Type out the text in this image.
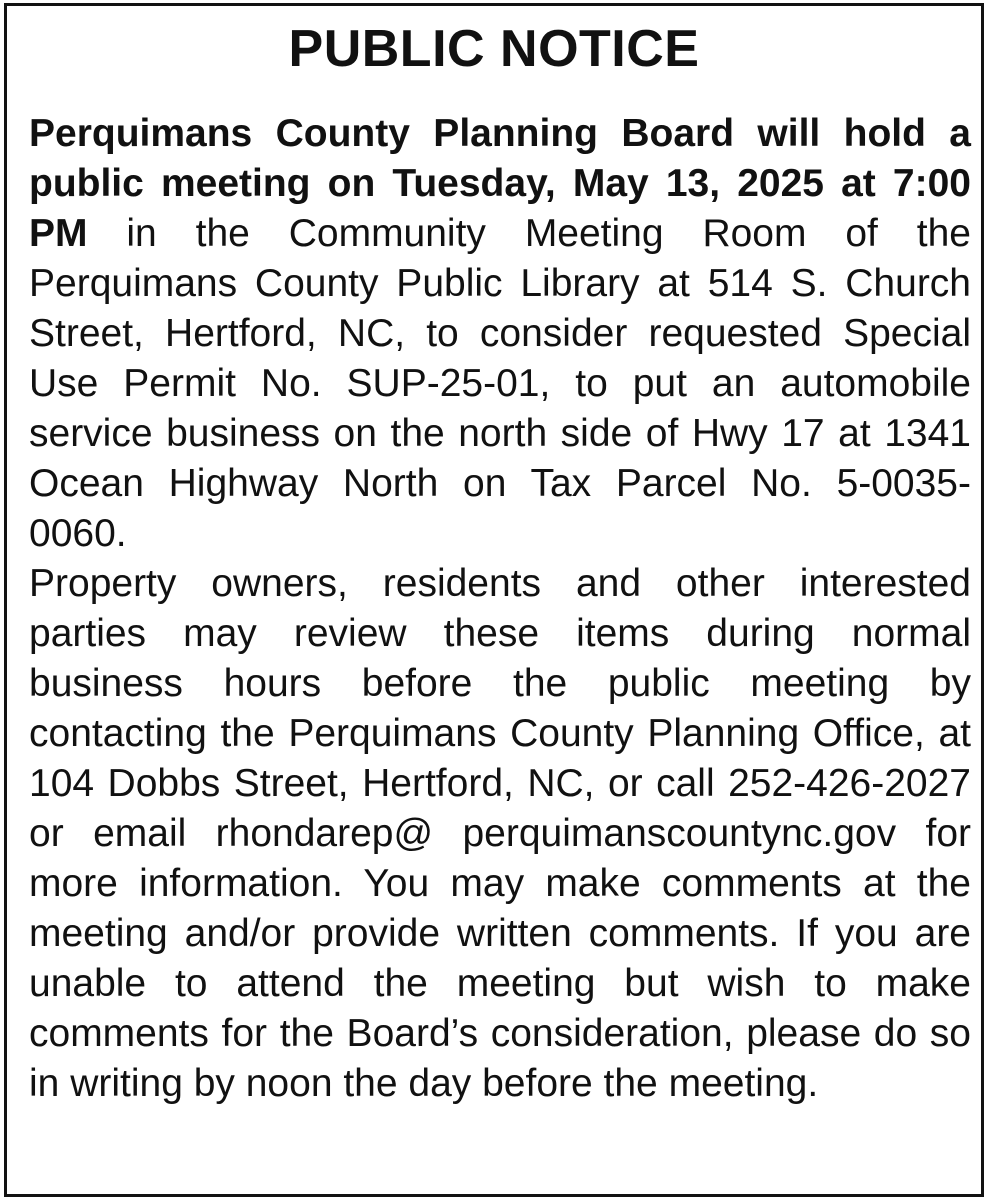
PUBLIC NOTICE

Perquimans County Planning Board will hold a public meeting on Tuesday, May 13, 2025 at 7:00 PM in the Community Meeting Room of the Perquimans County Public Library at 514 S. Church Street, Hertford, NC, to consider requested Special Use Permit No. SUP-25-01, to put an automobile service business on the north side of Hwy 17 at 1341 Ocean Highway North on Tax Parcel No. 5-0035-0060.

Property owners, residents and other interested parties may review these items during normal business hours before the public meeting by contacting the Perquimans County Planning Office, at 104 Dobbs Street, Hertford, NC, or call 252-426-2027 or email rhondarep@ perquimanscountync.gov for more information. You may make comments at the meeting and/or provide written comments. If you are unable to attend the meeting but wish to make comments for the Board’s consideration, please do so in writing by noon the day before the meeting.
